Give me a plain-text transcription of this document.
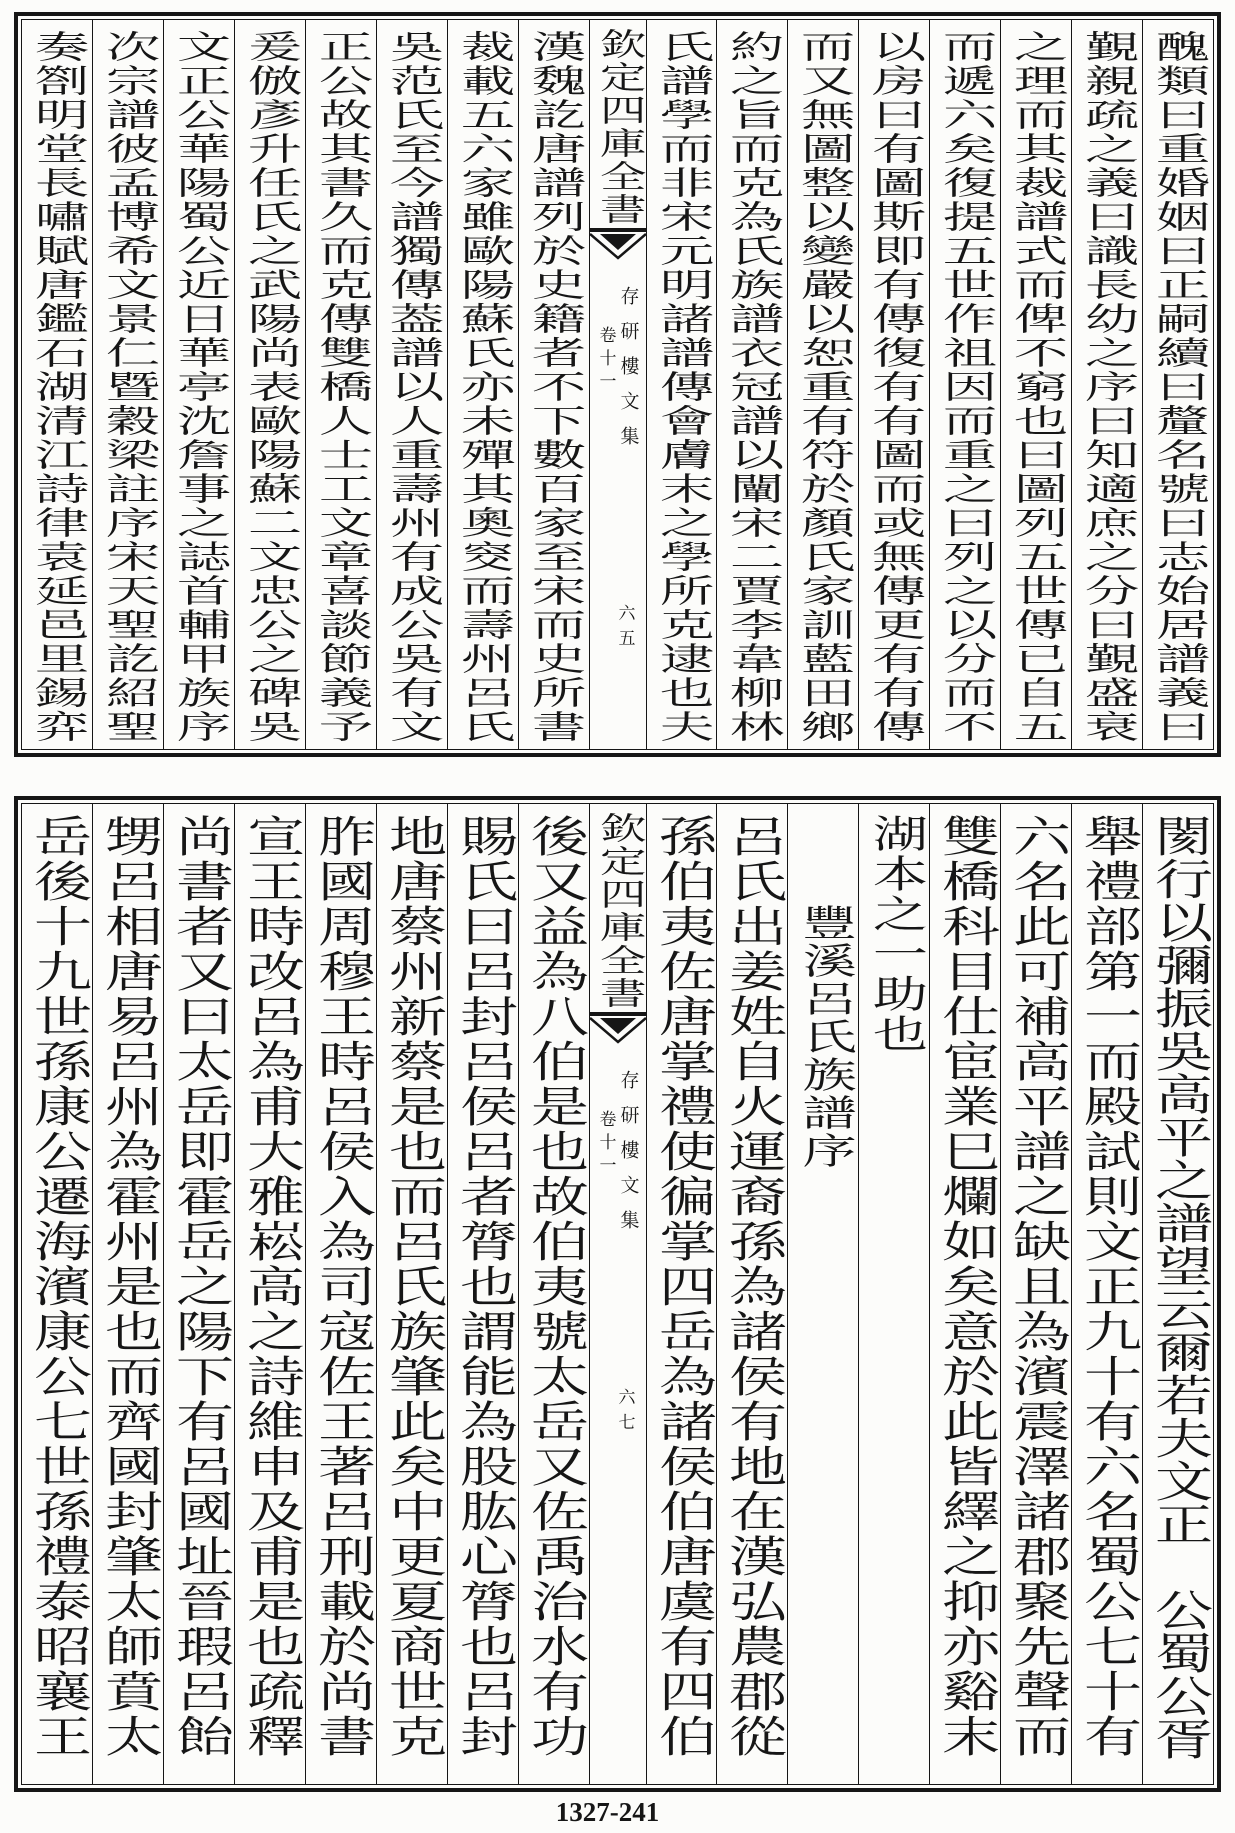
醜類曰重婚姻曰正嗣續曰釐名號曰志始居譜義曰
覲親疏之義曰識長幼之序曰知適庶之分曰覲盛衰
之理而其裁譜式而俾不窮也曰圖列五世傳已自五
而遞六矣復提五世作祖因而重之曰列之以分而不
以房曰有圖斯即有傳復有有圖而或無傳更有有傳
而又無圖整以變嚴以恕重有符於顏氏家訓藍田鄉
約之旨而克為氏族譜衣冠譜以闡宋二賈李韋柳林
氏譜學而非宋元明諸譜傳會膚末之學所克逮也夫
欽定四庫全書
存研樓文集
卷十一
六五
漢魏訖唐譜列於史籍者不下數百家至宋而史所書
裁載五六家雖歐陽蘇氏亦未殫其奧窔而壽州呂氏
吳范氏至今譜獨傳葢譜以人重壽州有成公吳有文
正公故其書久而克傳雙橋人士工文章喜談節義予
爰倣彥升任氏之武陽尚表歐陽蘇二文忠公之碑吳
文正公華陽蜀公近日華亭沈詹事之誌首輔甲族序
次宗譜彼孟博希文景仁暨穀梁註序宋天聖訖紹聖
奏劄明堂長嘯賦唐鑑石湖清江詩律袁延邑里錫弈
閡行以彌振吳高平之譜望云爾若夫文正　公蜀公胥
舉禮部第一而殿試則文正九十有六名蜀公七十有
六名此可補高平譜之缺且為濱震澤諸郡聚先聲而
雙橋科目仕宦業巳爛如矣意於此皆繹之抑亦谿末
湖本之一助也
豐溪呂氏族譜序
呂氏出姜姓自火運裔孫為諸侯有地在漢弘農郡從
孫伯夷佐唐掌禮使徧掌四岳為諸侯伯唐虞有四伯
欽定四庫全書
存研樓文集
卷十一
六七
後又益為八伯是也故伯夷號太岳又佐禹治水有功
賜氏曰呂封呂侯呂者膂也謂能為股肱心膂也呂封
地唐蔡州新蔡是也而呂氏族肇此矣中更夏商世克
胙國周穆王時呂侯入為司寇佐王著呂刑載於尚書
宣王時改呂為甫大雅崧高之詩維申及甫是也疏釋
尚書者又曰太岳即霍岳之陽下有呂國址晉瑕呂飴
甥呂相唐易呂州為霍州是也而齊國封肇太師賁太
岳後十九世孫康公遷海濱康公七世孫禮泰昭襄王
1327-241
